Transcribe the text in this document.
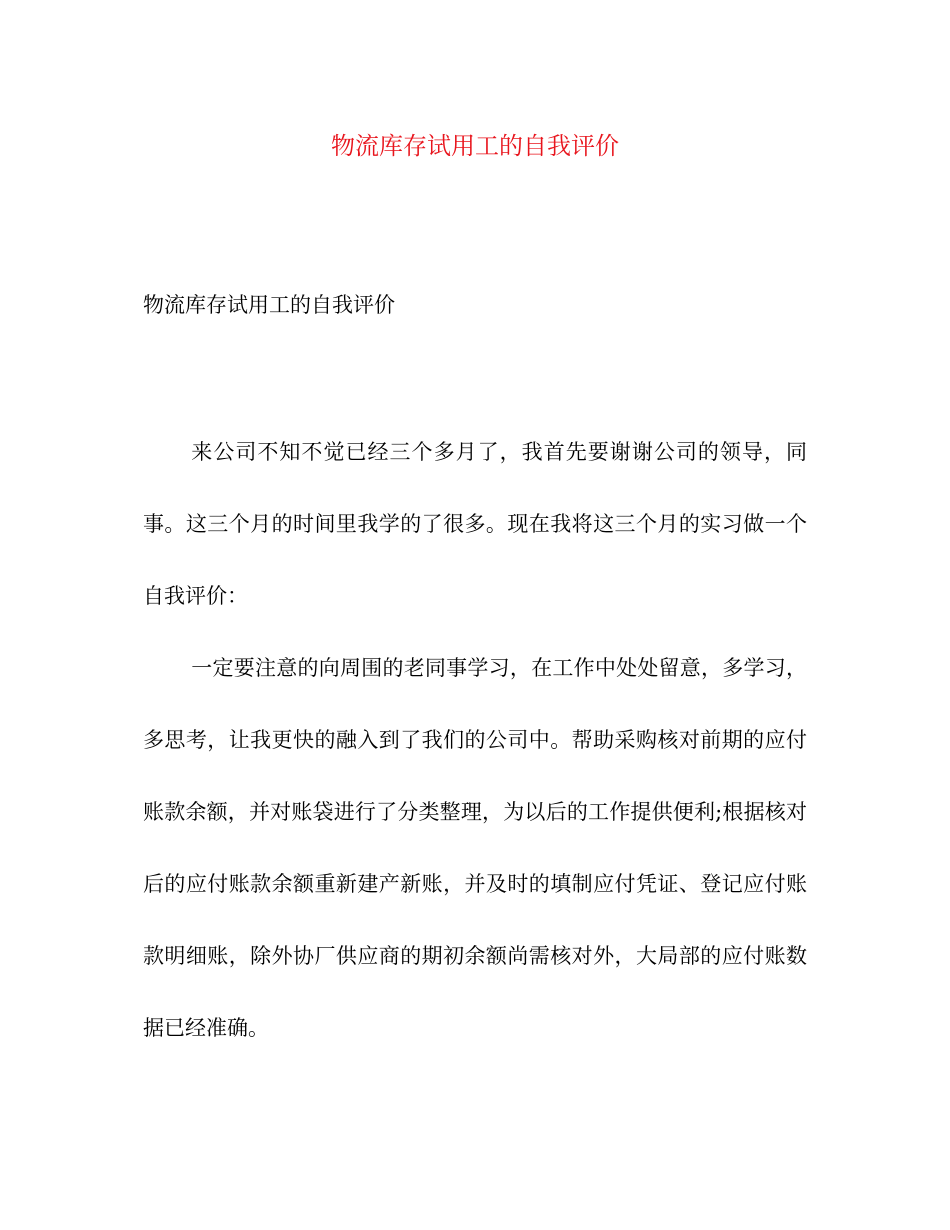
物流库存试用工的自我评价

物流库存试用工的自我评价

来公司不知不觉已经三个多月了，我首先要谢谢公司的领导，同事。这三个月的时间里我学的了很多。现在我将这三个月的实习做一个自我评价：

一定要注意的向周围的老同事学习，在工作中处处留意，多学习，多思考，让我更快的融入到了我们的公司中。帮助采购核对前期的应付账款余额，并对账袋进行了分类整理，为以后的工作提供便利;根据核对后的应付账款余额重新建产新账，并及时的填制应付凭证、登记应付账款明细账，除外协厂供应商的期初余额尚需核对外，大局部的应付账数据已经准确。
